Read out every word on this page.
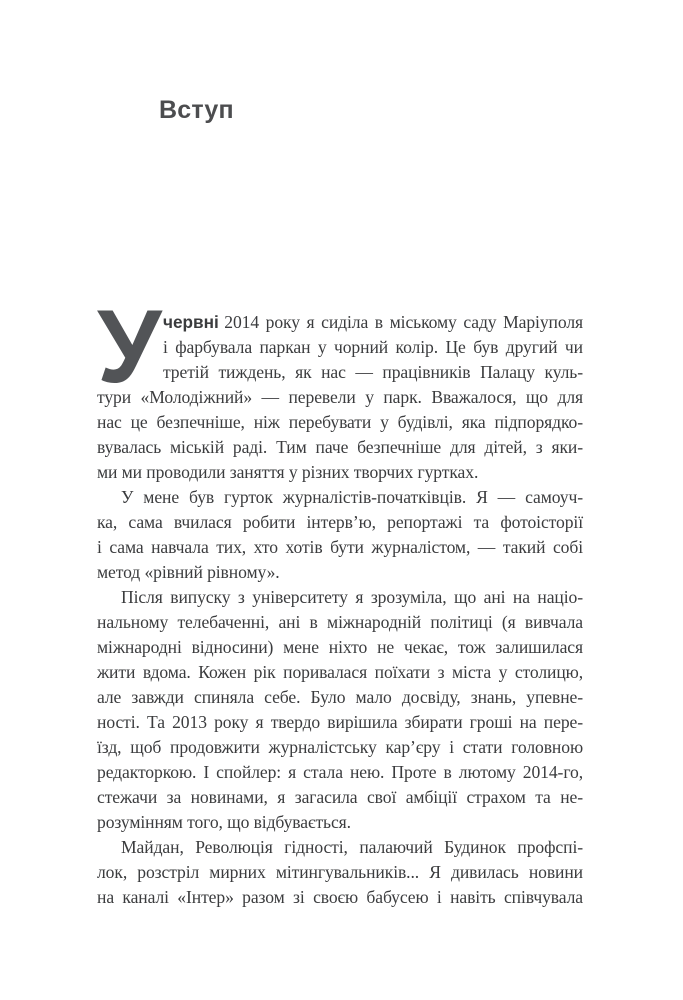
Вступ
У червні 2014 року я сиділа в міському саду Маріуполя
і фарбувала паркан у чорний колір. Це був другий чи
третій тиждень, як нас — працівників Палацу куль-
тури «Молодіжний» — перевели у парк. Вважалося, що для
нас це безпечніше, ніж перебувати у будівлі, яка підпорядко-
вувалась міській раді. Тим паче безпечніше для дітей, з яки-
ми ми проводили заняття у різних творчих гуртках.
У мене був гурток журналістів-початківців. Я — самоуч-
ка, сама вчилася робити інтерв’ю, репортажі та фотоісторії
і сама навчала тих, хто хотів бути журналістом, — такий собі
метод «рівний рівному».
Після випуску з університету я зрозуміла, що ані на націо-
нальному телебаченні, ані в міжнародній політиці (я вивчала
міжнародні відносини) мене ніхто не чекає, тож залишилася
жити вдома. Кожен рік поривалася поїхати з міста у столицю,
але завжди спиняла себе. Було мало досвіду, знань, упевне-
ності. Та 2013 року я твердо вирішила збирати гроші на пере-
їзд, щоб продовжити журналістську кар’єру і стати головною
редакторкою. І спойлер: я стала нею. Проте в лютому 2014-го,
стежачи за новинами, я загасила свої амбіції страхом та не-
розумінням того, що відбувається.
Майдан, Революція гідності, палаючий Будинок профспі-
лок, розстріл мирних мітингувальників... Я дивилась новини
на каналі «Інтер» разом зі своєю бабусею і навіть співчувала
